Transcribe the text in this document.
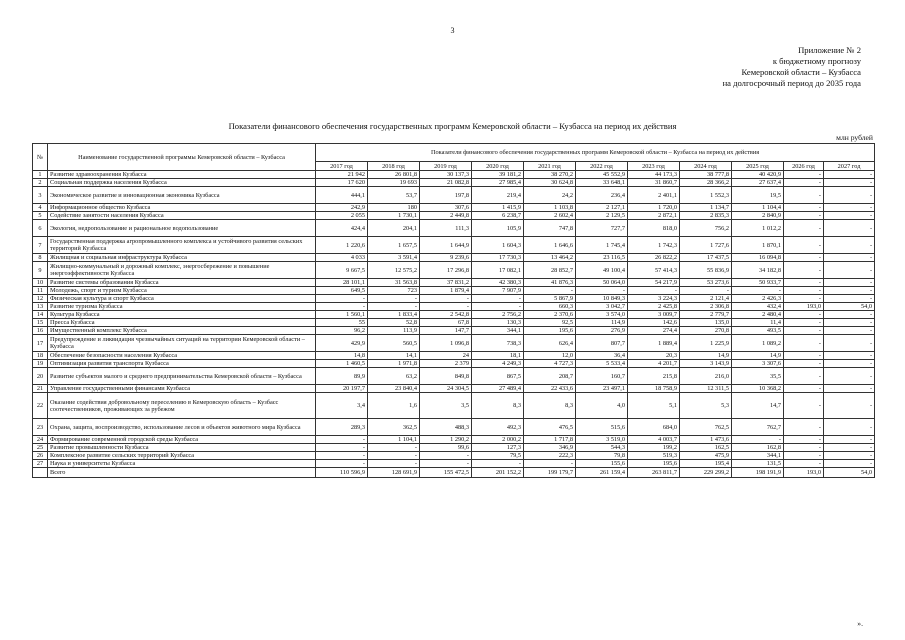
3
Приложение № 2
к бюджетному прогнозу
Кемеровской области – Кузбасса
на долгосрочный период до 2035 года
Показатели финансового обеспечения государственных программ Кемеровской области – Кузбасса на период их действия
млн рублей
№	Наименование государственной программы Кемеровской области – Кузбасса	Показатели финансового обеспечения государственных программ Кемеровской области – Кузбасса на период их действия										
		2017 год	2018 год	2019 год	2020 год	2021 год	2022 год	2023 год	2024 год	2025 год	2026 год	2027 год
1	Развитие здравоохранения Кузбасса	21 942	26 801,8	30 137,3	39 181,2	38 270,2	45 552,9	44 173,3	38 777,8	40 420,9	-	-
2	Социальная поддержка населения Кузбасса	17 620	19 693	21 082,8	27 985,4	30 624,8	33 648,1	31 860,7	28 366,2	27 637,4	-	-
3	Экономическое развитие и инновационная экономика Кузбасса	444,1	53,7	197,8	219,4	24,2	236,4	2 401,1	1 552,3	19,5	-	-
4	Информационное общество Кузбасса	242,9	180	307,6	1 415,9	1 103,8	2 127,1	1 720,0	1 134,7	1 104,4	-	-
5	Содействие занятости населения Кузбасса	2 055	1 730,1	2 449,8	6 238,7	2 602,4	2 129,5	2 872,1	2 835,3	2 840,9	-	-
6	Экология, недропользование и рациональное водопользование	424,4	204,1	111,3	105,9	747,8	727,7	818,0	756,2	1 012,2	-	-
7	Государственная поддержка агропромышленного комплекса и устойчивого развития сельских территорий Кузбасса	1 220,6	1 657,5	1 644,9	1 604,3	1 646,6	1 745,4	1 742,3	1 727,6	1 870,1	-	-
8	Жилищная и социальная инфраструктура Кузбасса	4 033	3 591,4	9 239,6	17 730,3	13 464,2	23 116,5	26 822,2	17 437,5	16 094,8	-	-
9	Жилищно-коммунальный и дорожный комплекс, энергосбережение и повышение энергоэффективности Кузбасса	9 667,5	12 575,2	17 296,8	17 082,1	28 852,7	49 100,4	57 414,3	55 836,9	34 182,8	-	-
10	Развитие системы образования Кузбасса	28 101,1	31 563,8	37 831,2	42 380,3	41 876,3	50 064,0	54 217,9	53 273,6	50 933,7	-	-
11	Молодежь, спорт и туризм Кузбасса	649,5	723	1 879,4	7 907,9	-	-	-	-	-	-	-
12	Физическая культура и спорт Кузбасса	-	-	-	-	5 867,9	10 849,3	3 224,3	2 121,4	2 426,3	-	-
13	Развитие туризма Кузбасса	-	-	-	-	660,3	3 042,7	2 425,8	2 306,8	432,4	193,0	54,0
14	Культура Кузбасса	1 560,1	1 833,4	2 542,8	2 756,2	2 370,6	3 574,0	3 009,7	2 779,7	2 480,4	-	-
15	Пресса Кузбасса	55	52,8	67,8	130,3	92,5	114,9	142,6	135,0	11,4	-	-
16	Имущественный комплекс Кузбасса	96,2	113,9	147,7	344,1	195,6	276,9	274,4	270,8	493,5	-	-
17	Предупреждение и ликвидация чрезвычайных ситуаций на территории Кемеровской области – Кузбасса	429,9	560,5	1 096,8	738,3	626,4	807,7	1 889,4	1 225,9	1 089,2	-	-
18	Обеспечение безопасности населения Кузбасса	14,8	14,1	24	18,1	12,0	36,4	20,3	14,9	14,9	-	-
19	Оптимизация развития транспорта Кузбасса	1 460,5	1 971,8	2 379	4 249,3	4 727,3	5 533,4	4 201,7	3 143,9	3 307,6	-	-
20	Развитие субъектов малого и среднего предпринимательства Кемеровской области – Кузбасса	89,9	63,2	849,8	867,5	208,7	160,7	215,8	216,0	35,5	-	-
21	Управление государственными финансами Кузбасса	20 197,7	23 840,4	24 304,5	27 489,4	22 433,6	23 497,1	18 758,9	12 311,5	10 368,2	-	-
22	Оказание содействия добровольному переселению в Кемеровскую область – Кузбасс соотечественников, проживающих за рубежом	3,4	1,6	3,5	8,3	8,3	4,0	5,1	5,3	14,7	-	-
23	Охрана, защита, воспроизводство, использование лесов и объектов животного мира Кузбасса	289,3	362,5	488,3	492,3	476,5	515,6	684,0	762,5	762,7	-	-
24	Формирование современной городской среды Кузбасса	-	1 104,1	1 290,2	2 000,2	1 717,8	3 519,0	4 003,7	1 473,6	-	-	-
25	Развитие промышленности Кузбасса	-	-	99,6	127,3	346,9	544,3	199,2	162,5	162,8	-	-
26	Комплексное развитие сельских территорий Кузбасса	-	-	-	79,5	222,3	79,8	519,3	475,9	344,1	-	-
27	Наука и университеты Кузбасса	-	-	-	-	-	155,6	195,6	195,4	131,5	-	-
	Всего	110 596,9	128 691,9	155 472,5	201 152,2	199 179,7	261 159,4	263 811,7	229 299,2	198 191,9	193,0	54,0
».
